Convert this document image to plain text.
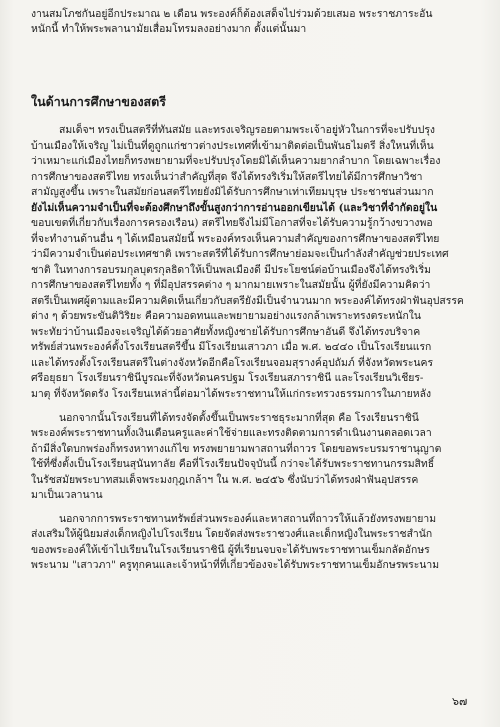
งานสมโภชกันอยู่อีกประมาณ ๒ เดือน พระองค์ก็ต้องเสด็จไปร่วมด้วยเสมอ พระราชภาระอัน
หนักนี้ ทำให้พระพลานามัยเสื่อมโทรมลงอย่างมาก ตั้งแต่นั้นมา
ในด้านการศึกษาของสตรี
สมเด็จฯ ทรงเป็นสตรีที่ทันสมัย และทรงเจริญรอยตามพระเจ้าอยู่หัวในการที่จะปรับปรุง
บ้านเมืองให้เจริญ ไม่เป็นที่ดูถูกแก่ชาวต่างประเทศที่เข้ามาติดต่อเป็นพันธไมตรี สิ่งใหนที่เห็น
ว่าเหมาะแก่เมืองไทยก็ทรงพยายามที่จะปรับปรุงโดยมิได้เห็นความยากลำบาก โดยเฉพาะเรื่อง
การศึกษาของสตรีไทย ทรงเห็นว่าสำคัญที่สุด จึงได้ทรงริเริ่มให้สตรีไทยได้มีการศึกษาวิชา
สามัญสูงขึ้น เพราะในสมัยก่อนสตรีไทยยังมิได้รับการศึกษาเท่าเทียมบุรุษ ประชาชนส่วนมาก
ยังไม่เห็นความจำเป็นที่จะต้องศึกษาถึงขั้นสูงกว่าการอ่านออกเขียนได้ (และวิชาที่จำกัดอยู่ใน
ขอบเขตที่เกี่ยวกับเรื่องการครองเรือน) สตรีไทยจึงไม่มีโอกาสที่จะได้รับความรู้กว้างขวางพอ
ที่จะทำงานด้านอื่น ๆ ได้เหมือนสมัยนี้ พระองค์ทรงเห็นความสำคัญของการศึกษาของสตรีไทย
ว่ามีความจำเป็นต่อประเทศชาติ เพราะสตรีที่ได้รับการศึกษาย่อมจะเป็นกำลังสำคัญช่วยประเทศ
ชาติ ในทางการอบรมกุลบุตรกุลธิดาให้เป็นพลเมืองดี มีประโยชน์ต่อบ้านเมืองจึงได้ทรงริเริ่ม
การศึกษาของสตรีไทยทั้ง ๆ ที่มีอุปสรรคต่าง ๆ มากมายเพราะในสมัยนั้น ผู้ที่ยังมีความคิดว่า
สตรีเป็นเพศผู้ตามและมีความคิดเห็นเกี่ยวกับสตรียังมีเป็นจำนวนมาก พระองค์ได้ทรงฝ่าฟันอุปสรรค
ต่าง ๆ ด้วยพระขันติวิริยะ คือความอดทนและพยายามอย่างแรงกล้าเพราะทรงตระหนักใน
พระทัยว่าบ้านเมืองจะเจริญได้ด้วยอาศัยทั้งหญิงชายได้รับการศึกษาอันดี จึงได้ทรงบริจาค
ทรัพย์ส่วนพระองค์ตั้งโรงเรียนสตรีขึ้น มีโรงเรียนเสาวภา เมื่อ พ.ศ. ๒๔๔๐ เป็นโรงเรียนแรก
และได้ทรงตั้งโรงเรียนสตรีในต่างจังหวัดอีกคือโรงเรียนจอมสุรางค์อุปถัมภ์ ที่จังหวัดพระนคร
ศรีอยุธยา โรงเรียนราชินีบูรณะที่จังหวัดนครปฐม โรงเรียนสภาราชินี และโรงเรียนวิเชียร-
มาตุ ที่จังหวัดตรัง โรงเรียนเหล่านี้ต่อมาได้พระราชทานให้แก่กระทรวงธรรมการในภายหลัง
นอกจากนั้นโรงเรียนที่ได้ทรงจัดตั้งขึ้นเป็นพระราชธุระมากที่สุด คือ โรงเรียนราชินี
พระองค์พระราชทานทั้งเงินเดือนครูและค่าใช้จ่ายและทรงติดตามการดำเนินงานตลอดเวลา
ถ้ามีสิ่งใดบกพร่องก็ทรงหาทางแก้ไข ทรงพยายามพาสถานที่ถาวร โดยขอพระบรมราชานุญาต
ใช้ที่ซึ่งตั้งเป็นโรงเรียนสุนันทาลัย คือที่โรงเรียนปัจจุบันนี้ กว่าจะได้รับพระราชทานกรรมสิทธิ์
ในรัชสมัยพระบาทสมเด็จพระมงกุฎเกล้าฯ ใน พ.ศ. ๒๔๕๖ ซึ่งนับว่าได้ทรงฝ่าฟันอุปสรรค
มาเป็นเวลานาน
นอกจากการพระราชทานทรัพย์ส่วนพระองค์และหาสถานที่ถาวรให้แล้วยังทรงพยายาม
ส่งเสริมให้ผู้นิยมส่งเด็กหญิงไปโรงเรียน โดยจัดส่งพระราชวงศ์และเด็กหญิงในพระราชสำนัก
ของพระองค์ให้เข้าไปเรียนในโรงเรียนราชินี ผู้ที่เรียนจบจะได้รับพระราชทานเข็มกลัดอักษร
พระนาม "เสาวภา" ครูทุกคนและเจ้าหน้าที่ที่เกี่ยวข้องจะได้รับพระราชทานเข็มอักษรพระนาม
๖๗
